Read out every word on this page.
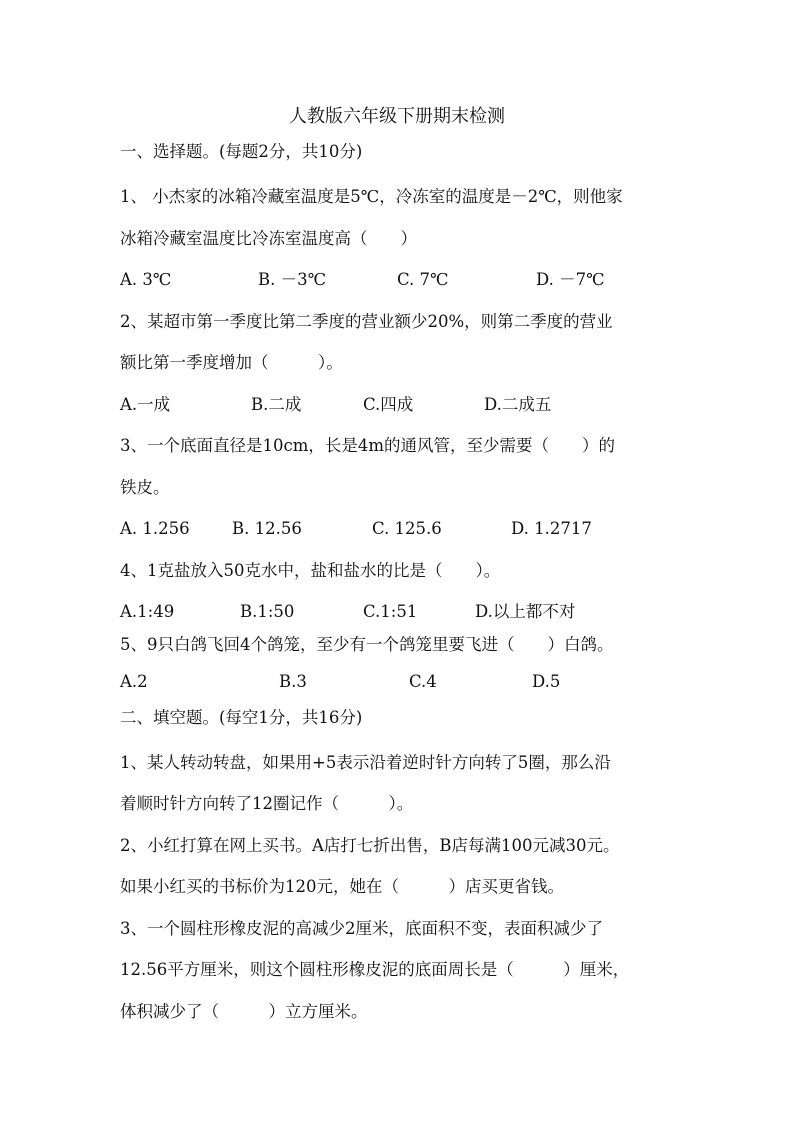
人教版六年级下册期末检测
一、选择题。(每题2分，共10分)
1、 小杰家的冰箱冷藏室温度是5℃，冷冻室的温度是－2℃，则他家
冰箱冷藏室温度比冷冻室温度高（　　）
A. 3℃	B. －3℃	C. 7℃	D. －7℃
2、某超市第一季度比第二季度的营业额少20%，则第二季度的营业
额比第一季度增加（　　　）。
A.一成	B.二成	C.四成	D.二成五
3、一个底面直径是10cm，长是4m的通风管，至少需要（　　）的
铁皮。
A. 1.256	B. 12.56	C. 125.6	D. 1.2717
4、1克盐放入50克水中，盐和盐水的比是（　　）。
A.1:49	B.1:50	C.1:51	D.以上都不对
5、9只白鸽飞回4个鸽笼，至少有一个鸽笼里要飞进（　　）白鸽。
A.2	B.3	C.4	D.5
二、填空题。(每空1分，共16分)
1、某人转动转盘，如果用+5表示沿着逆时针方向转了5圈，那么沿
着顺时针方向转了12圈记作（　　　）。
2、小红打算在网上买书。A店打七折出售，B店每满100元减30元。
如果小红买的书标价为120元，她在（　　　）店买更省钱。
3、一个圆柱形橡皮泥的高减少2厘米，底面积不变，表面积减少了
12.56平方厘米，则这个圆柱形橡皮泥的底面周长是（　　　）厘米，
体积减少了（　　　）立方厘米。
